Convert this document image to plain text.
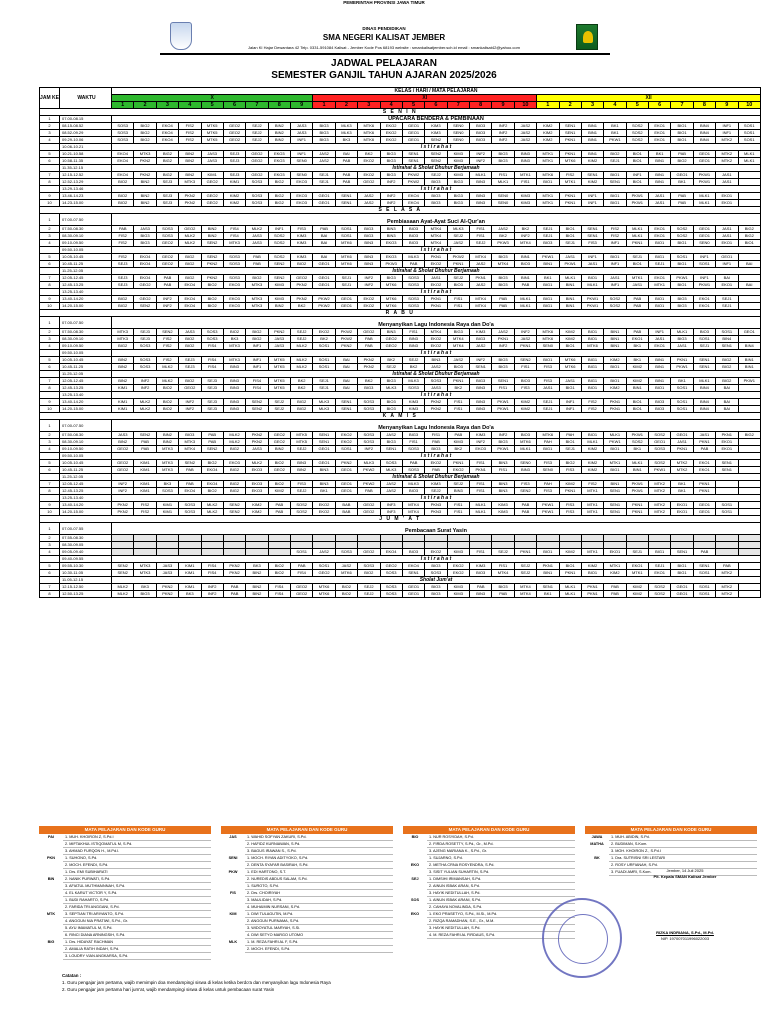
PEMERINTAH PROVINSI JAWA TIMUR
DINAS PENDIDIKAN
SMA NEGERI KALISAT JEMBER
Jalan KI Hajar Dewantara 42 Telp. 0331-591084 Kalisat - Jember Kode Pos 68193 website : smankalisatjember.sch.id email : smankalisat42@yahoo.com
JADWAL PELAJARAN
SEMESTER GANJIL TAHUN AJARAN 2025/2026
JAM KE	WAKTU	KELAS / HARI / MATA PELAJARAN																												
		X									XI										XII									
		1	2	3	4	5	6	7	8	9	1	2	3	4	5	6	7	8	9	10	1	2	3	4	5	6	7	8	9	10
S E N I N																														
1	07.00-08.15	UPACARA BENDERA & PEMBINAAN																												
2	08.15-08.52	SOS3	BIG2	EKO4	FIS2	MTK5	GEO2	SEJ2	BIN2	JAS3	BIG3	MLK3	MTK6	EKO2	GEO1	KIM3	SEN0	BIO3	INF2	JAS2	KIM2	SEN1	BIN1	BK1	SOS2	EKO1	BIO1	BIN4	INF1	SOS1
3	08.52-09.29	SOS3	BIG2	EKO4	FIS2	MTK5	GEO2	SEJ2	BIN2	JAS3	BIG3	MLK3	MTK6	EKO2	GEO1	KIM3	SEN0	BIO3	INF2	JAS2	KIM2	SEN1	BIN1	BK1	SOS2	EKO1	BIO1	BIN4	INF1	SOS1
4	09.29-10.06	SOS3	BIG2	EKO4	FIS2	MTK5	GEO2	SEJ2	BIN2	INF1	BIG3	BK3	MTK6	EKO2	GEO1	SEN2	SEN0	BIO3	INF2	JAS2	KIM2	PKN1	BIN1	PKW1	SOS2	EKO1	BIO1	BIN4	MTK2	SOS1
	10.06-10.21	I s t i r a h a t																												
5	10.21-10.58	EKO4	MTK3	BIG2	BIN2	JAS3	SEJ3	GEO2	EKO3	INF1	JAS2	BAI	BK2	BIG3	SEN1	SEN2	KIM3	INF2	BIO3	BIN3	MTK1	PKN1	BIN1	BIO2	BIO1	BK1	PAB	GEO1	MTK2	MLK1
6	10.58-11.35	EKO4	PKN2	BIG2	BIN2	JAS3	SEJ3	GEO2	EKO3	SEN0	JAS2	PAB	EKO2	BIG3	SEN1	SEN2	KIM3	INF2	BIO3	BIN3	MTK1	MTK6	KIM2	SEJ1	BIO1	BIN1	BIO2	GEO1	MTK2	MLK1
	11.35-12.15	Istirahat & Sholat Dhuhur Berjamaah																												
7	12.15-12.52	EKO4	PKN2	BIG2	BIN2	KIM1	SEJ3	GEO2	EKO3	SEN0	SEJ1	PAB	EKO2	BIG3	PKW2	SEJ2	KIM3	MLK1	FIS1	MTK1	MTK6	FIS2	SEN1	BIO1	INF1	BIN1	GEO1	PKW1	JAS1	
8	12.52-13.29	BIO2	BIN2	SEJ3	MTK3	GEO2	KIM1	SOS3	BIG2	EKO3	SEJ1	PAB	GEO2	INF2	PKW2	BIO3	BIG3	BIN3	MLK1	FIS1	BIO1	MTK1	KIM2	SEN1	BIO1	BIN1	BK1	PKW1	JAS1	
	13.29-13.46	I s t i r a h a t																												
9	13.46-14.23	BIO2	BIN2	SEJ3	PKN2	GEO2	KIM2	SOS3	BIG2	EKO3	GEO1	SEN1	JAS2	INF2	EKO4	BIO3	BIG3	BIN3	SEN0	KIM3	MTK1	PKN1	INF1	BIG1	PKW1	JAS1	PAB	MLK1	EKO1	
10	14.23-15.00	BIO2	BIN2	SEJ3	PKN2	GEO2	KIM2	SOS3	BIG2	EKO3	GEO1	SEN1	JAS2	INF2	EKO4	BIO3	BIG3	BIN3	SEN0	KIM3	MTK1	PKN1	INF1	BIG1	PKW1	JAS1	PAB	MLK1	EKO1	
S E L A S A																														
1	07.00-07.50	Pembiasaan Ayat-Ayat Suci Al-Qur'an																												
2	07.50-08.30	PAB	JAS3	SOS3	GEO2	BIN2	FIS4	MLK2	INF1	FIS3	PAB	SOS1	BIG3	BIN3	BIO3	MTK4	MLK3	FIS1	JAS2	BK2	SEJ1	BIO1	SEN1	FIS2	MLK1	EKO1	SOS2	GEO1	JAS1	BIG2
3	08.30-09.10	FIS2	BIG3	SOS3	MLK2	BIN2	FIS4	JAS3	SOS2	KIM3	BAI	SOS1	BIG3	BIN3	BIO3	MTK4	SEJ2	FIS1	BK2	INF2	SEJ1	BIO1	SEN1	FIS2	MLK1	EKO1	SOS2	GEO1	JAS1	BIG2
4	09.10-09.50	FIS2	BIG3	GEO2	MLK2	SEN2	MTK3	JAS3	SOS2	KIM3	BAI	MTK6	BIN3	EKO3	BIO3	MTK4	JAS2	SEJ2	PKW3	MTK4	BIO3	SEJ1	FIS3	INF1	PKN1	BIO1	BIG1	SEN0	EKO1	BIO1
	09.50-10.05	I s t i r a h a t																												
5	10.05-10.45	FIS2	EKO4	GEO2	BIG2	SEN2	SOS3	PAB	SOS2	KIM3	BAI	MTK6	BIN3	EKO3	MLK3	PKN1	PKW2	MTK4	BIO3	BIN1	PKW1	JAS1	INF1	BIO1	SEJ1	BIG1	SOS1	INF1	GEO1	
6	10.45-11.25	SEJ3	EKO4	GEO2	BIG2	PKN2	SOS3	PAB	SEN2	BIO2	GEO1	MTK6	BIN3	PKW3	PAB	EKO2	PKN1	JAS2	MTK4	BIO3	BIN1	PKW1	JAS1	INF1	BIO1	SEJ1	BIG1	SOS1	INF1	BAI
	11.25-12.05	Istirahat & Sholat Dhuhur Berjamaah																												
7	12.05-12.45	SEJ3	EKO4	PAB	BIG2	PKN2	SOS3	BIO2	SEN2	GEO2	GEO1	SEJ1	INF2	BIG3	SOS3	JAS1	SEJ2	PKN1	BIO3	BIN1	BK1	MLK1	BIO1	JAS1	MTK1	EKO1	PKW1	INF1	BAI	
8	12.45-13.25	SEJ3	GEO2	PAB	EKO4	BIO2	EKO3	MTK3	KIM3	PKN2	GEO1	SEJ1	INF2	MTK6	SOS3	EKO2	BIO3	JAS2	BIO3	PAB	BIG1	BIN1	MLK1	INF1	JAS1	MTK1	BIO1	PKW1	EKO1	BAI
	13.25-13.40	I s t i r a h a t																												
9	13.40-14.20	BIG2	GEO2	INF2	EKO4	BIO2	EKO3	MTK3	KIM3	PKN2	PKW2	GEO1	EKO2	MTK6	SOS3	PKN1	FIS1	MTK4	PAB	MLK1	BIG1	BIN1	PKW1	SOS2	PAB	BIO1	BIO3	EKO1	SEJ1	
10	14.20-15.00	BIG2	SEN2	INF2	EKO4	BIO2	EKO3	MTK3	BIN2	BK2	PKW2	GEO1	EKO2	MTK6	SOS3	PKN1	FIS1	MTK4	PAB	MLK1	BIG1	BIN1	PKW1	SOS2	PAB	BIO1	BIO3	EKO1	SEJ1	
R A B U																														
1	07.00-07.50	Menyanyikan Lagu Indonesia Raya dan Do'a																												
2	07.50-08.30	MTK3	SEJ3	SEN2	JAS3	SOS3	BIO2	BIG2	PKN2	SEJ2	EKO2	PKW2	GEO2	BIN3	FIS1	MTK4	BIG3	KIM3	JAS2	INF2	MTK6	KIM2	BIO1	BIN1	PAB	INF1	MLK1	BIO3	SOS1	GEO1
3	08.30-09.10	MTK3	SEJ3	FIS2	BIO2	SOS3	BK3	BIG2	JAS3	SEJ2	BK2	PKW2	PAB	GEO2	BIN3	EKO2	MTK4	BIG3	PKN1	JAS2	MTK6	KIM2	BIO1	BIN1	EKO1	JAS1	BIG3	SOS1	BIN4	
4	09.10-09.50	BIG2	SOS3	FIS2	BIO2	FIS4	MTK3	INF1	JAS3	MLK2	SOS1	PKN2	PAB	GEO2	BIN3	EKO2	MTK4	JAS2	INF2	PKN1	SEN0	BIO1	MTK6	BIN1	BK1	EKO1	JAS1	SEJ1	SEN1	BIN4
	09.50-10.05	I s t i r a h a t																												
5	10.05-10.45	BIN2	SOS3	FIS2	SEJ3	FIS4	MTK3	INF1	MTK5	MLK2	SOS1	BAI	PKN2	BK2	SEJ2	BIN3	JAS2	INF2	BIO3	SEN2	BIO1	MTK6	BIG1	KIM2	BK1	BIN1	PKN1	SEN1	BIG2	BIN1
6	10.45-11.25	BIN2	SOS3	MLK2	SEJ3	FIS4	BIN3	INF1	MTK5	MLK2	SOS1	BAI	PKN2	SEJ2	BK2	JAS2	BIO3	SEN1	BIO3	FIS1	FIS3	MTK6	BIG1	BIO1	KIM2	BIN1	PKW1	SEN1	BIG2	BIN1
	11.25-12.05	Istirahat & Sholat Dhuhur Berjamaah																												
7	12.05-12.45	BIN2	INF2	MLK2	BIO2	SEJ3	BIN3	FIS4	MTK5	BK2	SEJ1	BAI	BK2	BIG3	MLK3	SOS3	PKN1	BIG3	SEN1	BIO3	FIS3	JAS1	BIG1	BIO1	KIM2	BIN1	BK1	MLK1	BIG2	PKW1
8	12.45-13.25	KIM1	INF2	BIO2	GEO2	SEJ3	BIN3	FIS4	MTK5	BK2	SEJ1	BAI	BIG3	MLK3	SOS3	JAS3	BK2	BIN3	FIS1	FIS3	JAS1	BIG1	BIO1	KIM2	BIN1	BIO1	SOS1	BIN4	BAI	
	13.25-13.40	I s t i r a h a t																												
9	13.40-14.20	KIM1	MLK2	BIO2	INF2	SEJ3	BIN3	SEN2	SEJ2	BIG2	MLK3	SEN1	SOS3	BIO3	KIM3	PKN2	FIS1	BIN3	PKW1	KIM2	SEJ1	INF1	FIS2	PKN1	BIO1	BIO3	SOS1	BIN4	BAI	
10	14.20-15.00	KIM1	MLK2	BIO2	INF2	SEJ3	BIN3	SEN2	SEJ2	BIG2	MLK3	SEN1	SOS3	BIO3	KIM3	PKN2	FIS1	BIN3	PKW1	KIM2	SEJ1	INF1	FIS2	PKN1	BIO1	BIO3	SOS1	BIN4	BAI	
K A M I S																														
1	07.00-07.50	Menyanyikan Lagu Indonesia Raya dan Do'a																												
2	07.50-08.30	JAS3	SEN2	BIN2	BIO3	PAB	MLK2	PKN2	GEO2	MTK5	SEN1	EKO2	SOS3	JAS2	BIG3	FIS1	PAB	KIM3	INF2	BIO3	MTK6	PAH	BIO1	MLK1	PKW1	SOS2	GEO1	JAS1	PKN1	BIG2
3	08.30-09.10	BIN2	PAB	BIN2	MTK3	PAB	MLK2	PKN2	GEO2	MTK5	SEN1	EKO2	SOS3	BIG3	FIS1	PAB	KIM3	INF2	BIO3	MTK6	PAH	BIO1	MLK1	PKW1	SOS2	GEO1	JAS1	PKN1	EKO1	
4	09.10-09.50	GEO2	PAB	MTK3	MTK4	SEN2	BIG2	JAS3	BIN2	SEJ2	GEO1	SOS1	INF2	SEN1	SOS3	BIO3	BK2	EKO3	PKW1	MLK1	BIG1	SEJ1	KIM2	BIO1	BK1	SOS3	PKN1	PAB	EKO1	
	09.50-10.05	I s t i r a h a t																												
5	10.05-10.45	GEO2	KIM1	MTK3	SEN2	BIG2	EKO3	MLK2	BIO2	BIN3	GEO1	PKN2	MLK3	SOS3	PAB	EKO2	PKN1	FIS1	BIN3	SEN0	FIS3	BIG2	KIM2	MTK1	MLK1	SOS2	MTK2	EKO1	SEN1	
6	10.45-11.25	GEO2	KIM1	MTK3	PAB	EKO4	BIG2	EKO3	GEO2	BIN2	BIN3	GEO1	PKW2	MLK3	SOS3	PAB	EKO2	PKN1	FIS1	BIN3	SEN0	FIS3	KIM2	BIG1	BIN1	PKW1	MTK2	EKO1	SEN1	
	11.25-12.05	Istirahat & Sholat Dhuhur Berjamaah																												
7	12.05-12.45	INF2	KIM1	BK3	PAB	EKO4	BIG2	EKO3	BIO2	FIS3	BIN3	GEO1	PKW2	JAS2	MLK3	KIM3	SEJ2	FIS1	BIN3	FIS3	PAH	KIM2	FIS2	BIN1	PKW1	MTK2	BK1	PKN1		
8	12.45-13.25	INF2	KIM1	SOS3	EKO4	BIO2	BIG2	EKO3	KIM2	SEJ2	BK1	GEO1	PAB	JAS2	BIO3	SEJ2	BIN3	FIS1	BIN3	SEN2	FIS3	PKN1	MTK1	SEN1	PKW1	MTK2	BK1	PKN1		
	13.25-13.40	I s t i r a h a t																												
9	13.40-14.20	PKN2	FIS2	KIM1	SOS3	MLK2	SEN2	KIM2	PAB	SOS2	EKO2	BAB	GEO2	INF3	MTK4	PKN3	FIS1	MLK1	KIM3	PAB	PKW1	FIS3	MTK1	SEN1	PKN1	MTK2	EKO1	GEO1	SOS1	
10	14.20-15.00	PKN2	FIS2	KIM1	SOS3	MLK2	SEN2	KIM2	PAB	SOS2	EKO2	BAB	GEO2	INF3	MTK4	PKN3	FIS1	MLK1	KIM3	PAB	PKW1	FIS3	MTK1	SEN1	PKN1	MTK2	EKO1	GEO1	SOS1	
J U M ' A T																														
1	07.00-07.55	Pembacaan Surat Yasin																												
2	07.55-08.30																													
3	08.30-09.05																													
4	09.05-09.40									SOS1	JAS2	SOS3	GEO2	EKO4	BIO3	EKO2	KIM3	FIS1	SEJ2	PKN1	BIO1	KIM2	MTK1	EKO1	SEJ1	BIG1	SEN1	PAB		
	09.40-09.55	I s t i r a h a t																												
5	09.55-10.30	SEN2	MTK3	JAS3	KIM1	FIS4	PKN2	BK3	BIO2	PAB	SOS1	JAS2	SOS3	GEO2	EKO4	BIO3	EKO2	KIM3	FIS1	SEJ2	PKN1	BIO1	KIM2	MTK1	EKO1	SEJ1	BIG1	SEN1	PAB	
6	10.30-11.05	SEN2	MTK3	JAS3	KIM1	FIS4	PKN2	BIN2	BIO2	FIS4	GEO2	MTK6	BIO2	SOS3	SEN1	SOS3	EKO2	BIO3	MTK4	SEJ2	BIN1	PKN1	BIO1	KIM2	MTK1	EKO1	BIG1	SOS1	MTK2	
	11.05-12.15	Sholat Jum'at																												
7	12.15-12.50	MLK2	BK3	PKN2	KIM1	INF2	PAB	BIN2	FIS4	GEO2	MTK6	BIO2	SEJ2	SOS3	GEO1	BIO3	KIM3	PAB	BIO3	MTK4	SEN1	MLK1	PKN1	PAB	KIM2	SOS2	GEO1	SOS1	MTK2	
8	12.50-13.25	MLK2	BIO3	PKN2	BK3	INF2	PAB	BIN2	FIS4	GEO2	MTK6	BIO2	SEJ2	SOS3	GEO1	BIO3	KIM3	BIN3	PAB	MTK4	BK1	MLK1	PKN1	PAB	KIM2	SOS2	GEO1	SOS1	MTK2	
MATA PELAJARAN DAN KODE GURU
PAI	1. MUH. KHOIRON Z, S.Pd.I
2. MIFTAKHUL ISTIQOMATUL M, S.Pd.
3. AHMAD FURQON H., M.Pd.I.
PKN	1. SUHONO, S.Pd.
2. MOCH. EFENDI, S.Pd.
1. Drs. EMI SUBIHARATI
BIN	2. NANIK PURWATI, S.Pd.
3. AFIATUL MUTHMAINNAH, S.Pd.
4. EL KARUT VICTOR Y, S.Pd.
1. BUDI RAHARTO, S.Pd.
2. FARIDA TRI ANGGANI, S.Pd.
MTK	3. SEPTIAN TRI ARIYANTO, S.Pd.
4. ANGGUN NIA PRATIWI, S.Pd., Gr.
5. AYU IMAMATUL M, S.Pd.
6. RINCI DIANA ARNINGSIH, S.Pd.
BIG	1. Drs. HIDAYAT RACHMAN
2. AMALIA RATIH INDAH, S.Pd.
3. LOUDRY VIAN ANGKARSA, S.Pd.
MATA PELAJARAN DAN KODE GURU
JAS	1. WAHID SOFYAN ZAKURI, S.Pd.
2. HAFIDZ KURNIAWAN, S.Pd.
3. BAGUS IRAWAN S., S.Pd.
SENI	1. MOCH. RIYAN ADITYOKO, S.Pd.
2. DENTA SYAFAR BASIRAH, S.Pd.
PKW	1. EDI HARTONO, S.T.
2. NUREDIS ABDUS SALAM, S.Pd.
1. SUROTO, S.Pd.
FIS	2. Drs. CHOIRIYAH
3. MAULIDAH, S.Pd.
4. MUHAIMIN NURSANI, S.Pd.
KIM	1. DWI TULAGUTIN, M.Pd.
2. ANGGUN PURNAMA, S.Pd.
3. WIDOYATUL MARYAH, S.Si.
4. DWI SETYO MARGO UTOMO
MLK	1. M. REZA FAHRI AL F, S.Pd.
2. MOCH. EFENDI, S.Pd.
MATA PELAJARAN DAN KODE GURU
BIO	1. NUR ROSYIDAH, S.Pd.
2. FIRDA ROSETTY, S.Pd., Gr., M.Pd.
3. AJENG MARIANA K., S.Pd., Gr.
1. SUJARNO, S.Pd.
EKO	2. METHA CRNA ROSYENDRA, S.Pd.
3. SISIT YULIAN SUHARTIN, S.Pd.
SEJ	1. DIMSIHI IRIMANSAH, S.Pd.
2. AINUN ISBAK ARAN, S.Pd.
3. HAYIK NEDITULLAH, S.Pd.
SOS	1. AINUN ISBAK ARANI, S.Pd.
2. CAHAYA NOVALINDA, S.Pd.
EKO	1. EKO PRASETYO, S.Pd., M.Si., M.Pd.
2. RIZQA RAMADHAN, S.E., Gr., M.M.
3. HAYIK NEDITULLAH, S.Pd.
4. M. REZA FAHRI AL FIRDAUS, S.Pd.
MATA PELAJARAN DAN KODE GURU
JAWA	1. MUH. ABIDIN, S.Pd.
MATHA	2. BUDIMAN, S.Kom.
3. MOH. KHOIRON Z., S.Pd.I
BK	1. Dra. SUTRISNI SRI LESTARI
2. ROSY URFIANAH, S.Pd.
3. FUADI AMRI, S.Kom.	Jember, 14 Juli 2025
Plt. Kepala SMAN Kalisat Jember
RIZKA INDRIANA, S.Pd., M.Pd.
NIP. 197007011996022003
Catatan :
1. Guru pengajar jam pertama, wajib memimpin doa mendampingi siswa di kelas ketika berdo'a dan menyanyikan lagu Indonesia Raya
2. Guru pengajar jam pertama hari jum'at, wajib mendampingi siswa di kelas untuk pembacaan surat Yasin
